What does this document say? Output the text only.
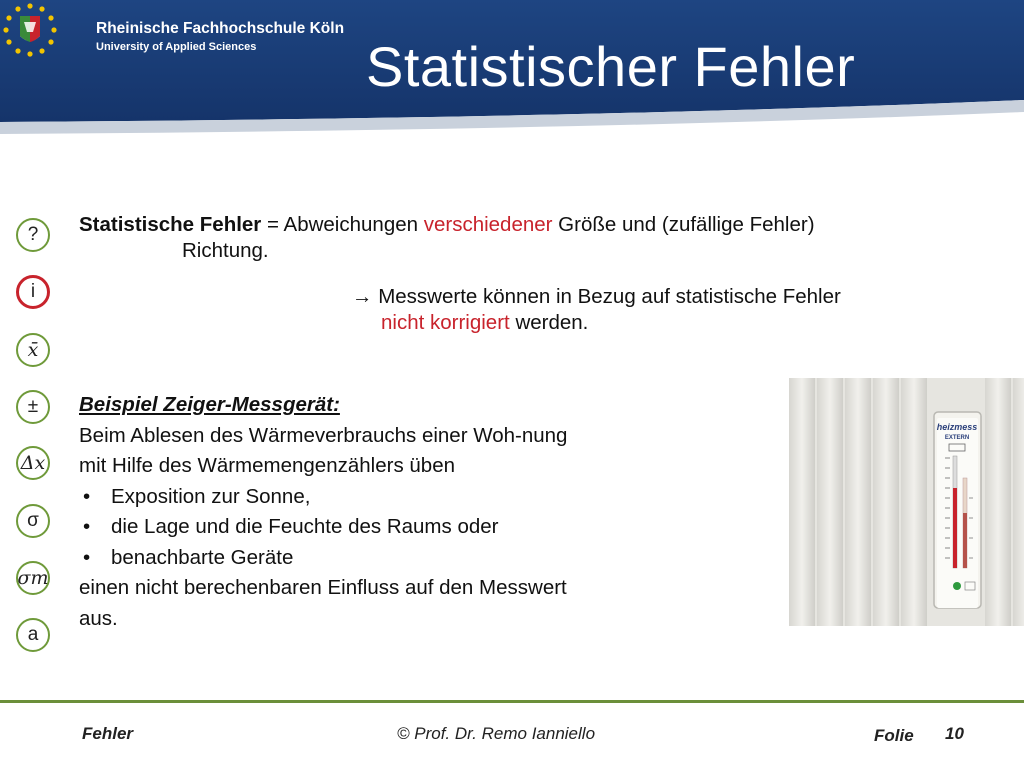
Rheinische Fachhochschule Köln
University of Applied Sciences Statistischer Fehler
?
i
x̄
±
Δx
σ
σm
a
Statistische Fehler = Abweichungen verschiedener Größe und (zufällige Fehler)
Richtung.
→ Messwerte können in Bezug auf statistische Fehler
nicht korrigiert werden.
Beispiel Zeiger-Messgerät:
Beim Ablesen des Wärmeverbrauchs einer Woh-nung
mit Hilfe des Wärmemengenzählers üben
•	Exposition zur Sonne,
•	die Lage und die Feuchte des Raums oder
•	benachbarte Geräte
einen nicht berechenbaren Einfluss auf den Messwert
aus.
heizmess
EXTERN
Fehler	© Prof. Dr. Remo Ianniello	Folie 10
